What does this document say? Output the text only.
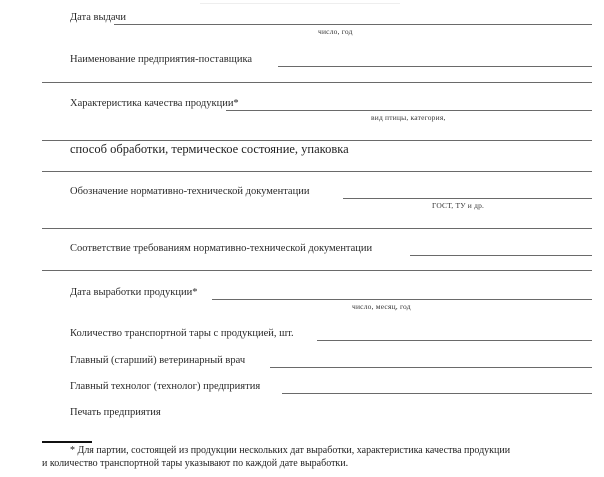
Дата выдачи
число, год
Наименование предприятия-поставщика
Характеристика качества продукции*
вид птицы, категория,
способ обработки, термическое состояние, упаковка
Обозначение нормативно-технической документации
ГОСТ, ТУ и др.
Соответствие требованиям нормативно-технической документации
Дата выработки продукции*
число, месяц, год
Количество транспортной тары с продукцией, шт.
Главный (старший) ветеринарный врач
Главный технолог (технолог) предприятия
Печать предприятия
* Для партии, состоящей из продукции нескольких дат выработки, характеристика качества продукции
и количество транспортной тары указывают по каждой дате выработки.
